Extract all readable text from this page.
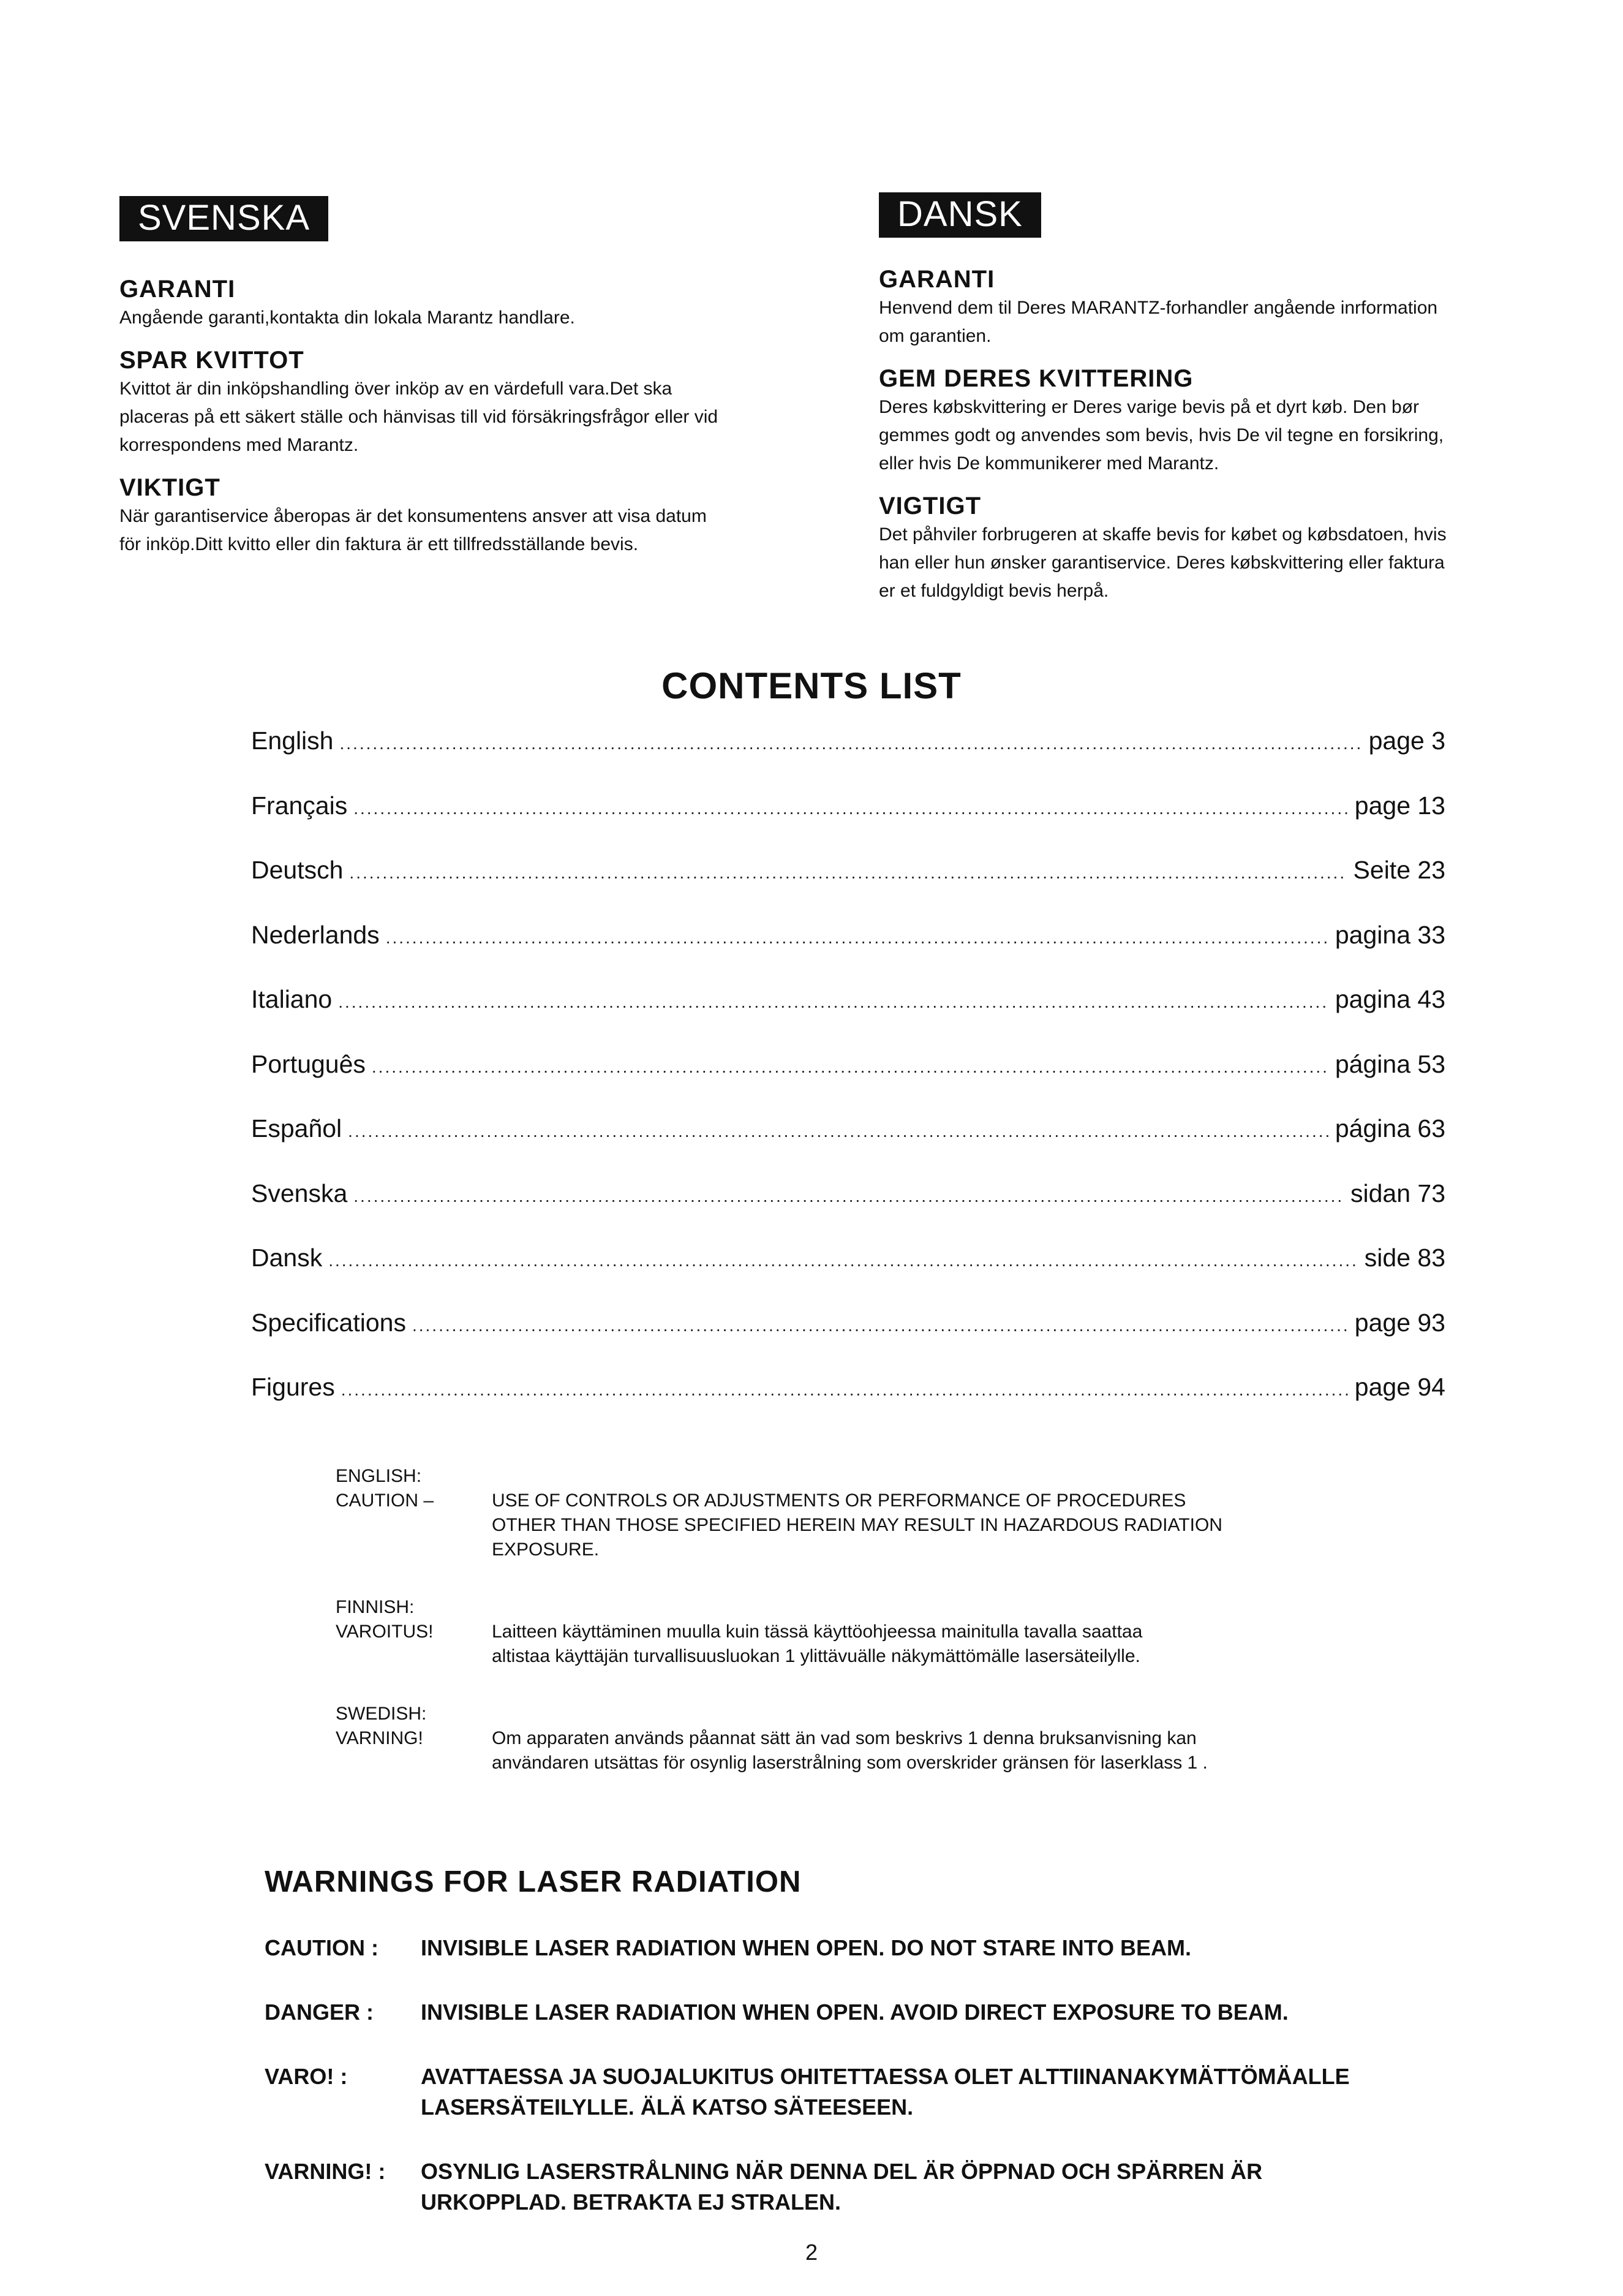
SVENSKA
GARANTI

Angående garanti,kontakta din lokala Marantz handlare.

SPAR KVITTOT

Kvittot är din inköpshandling över inköp av en värdefull vara.Det ska

placeras på ett säkert ställe och hänvisas till vid försäkringsfrågor eller vid

korrespondens med Marantz.

VIKTIGT

När garantiservice åberopas är det konsumentens ansver att visa datum

för inköp.Ditt kvitto eller din faktura är ett tillfredsställande bevis.

DANSK
GARANTI

Henvend dem til Deres MARANTZ-forhandler angående inrformation

om garantien.

GEM DERES KVITTERING

Deres købskvittering er Deres varige bevis på et dyrt køb. Den bør

gemmes godt og anvendes som bevis, hvis De vil tegne en forsikring,

eller hvis De kommunikerer med Marantz.

VIGTIGT

Det påhviler forbrugeren at skaffe bevis for købet og købsdatoen, hvis

han eller hun ønsker garantiservice. Deres købskvittering eller faktura

er et fuldgyldigt bevis herpå.

CONTENTS LIST
English .....	page 3
Français .....	page 13
Deutsch .....	Seite 23
Nederlands .....	pagina 33
Italiano .....	pagina 43
Português .....	página 53
Español .....	página 63
Svenska .....	sidan 73
Dansk .....	side 83
Specifications .....	page 93
Figures .....	page 94
ENGLISH:
CAUTION –	USE OF CONTROLS OR ADJUSTMENTS OR PERFORMANCE OF PROCEDURES
OTHER THAN THOSE SPECIFIED HEREIN MAY RESULT IN HAZARDOUS RADIATION
EXPOSURE.
FINNISH:
VAROITUS!	Laitteen käyttäminen muulla kuin tässä käyttöohjeessa mainitulla tavalla saattaa
altistaa käyttäjän turvallisuusluokan 1 ylittävuälle näkymättömälle lasersäteilylle.
SWEDISH:
VARNING!	Om apparaten används påannat sätt än vad som beskrivs 1 denna bruksanvisning kan
användaren utsättas för osynlig laserstrålning som overskrider gränsen för laserklass 1 .
WARNINGS FOR LASER RADIATION
CAUTION :	INVISIBLE LASER RADIATION WHEN OPEN. DO NOT STARE INTO BEAM.
DANGER :	INVISIBLE LASER RADIATION WHEN OPEN. AVOID DIRECT EXPOSURE TO BEAM.
VARO! :	AVATTAESSA JA SUOJALUKITUS OHITETTAESSA OLET ALTTIINANAKYMÄTTÖMÄALLE
LASERSÄTEILYLLE. ÄLÄ KATSO SÄTEESEEN.
VARNING! :	OSYNLIG LASERSTRÅLNING NÄR DENNA DEL ÄR ÖPPNAD OCH SPÄRREN ÄR
URKOPPLAD. BETRAKTA EJ STRALEN.
2
